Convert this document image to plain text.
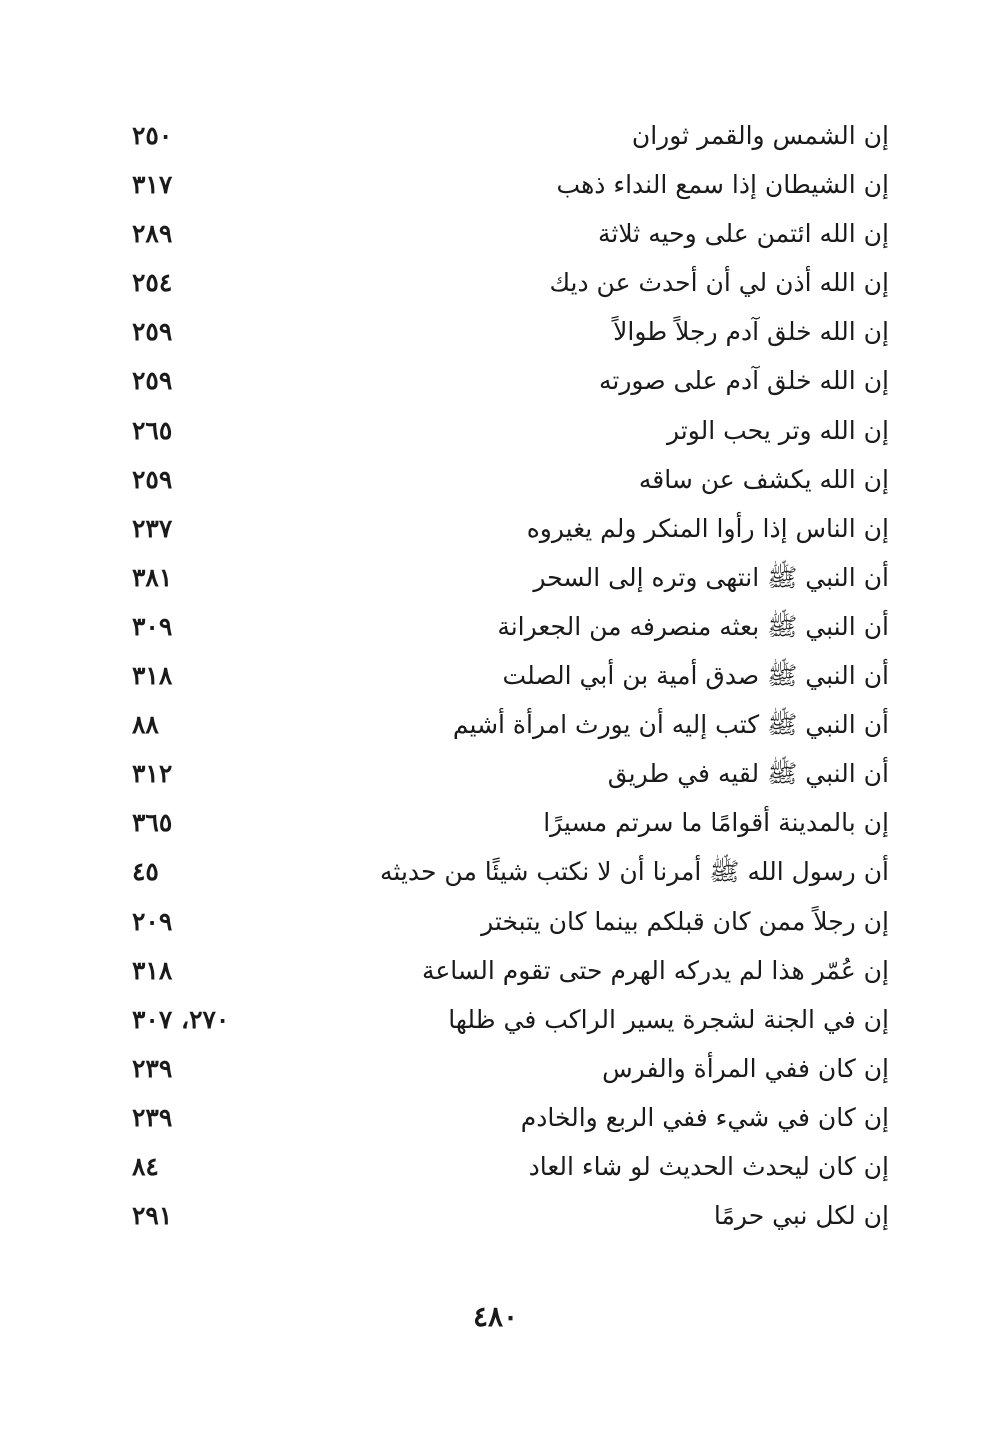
إن الشمس والقمر ثوران
٢٥٠
إن الشيطان إذا سمع النداء ذهب
٣١٧
إن الله ائتمن على وحيه ثلاثة
٢٨٩
إن الله أذن لي أن أحدث عن ديك
٢٥٤
إن الله خلق آدم رجلاً طوالاً
٢٥٩
إن الله خلق آدم على صورته
٢٥٩
إن الله وتر يحب الوتر
٢٦٥
إن الله يكشف عن ساقه
٢٥٩
إن الناس إذا رأوا المنكر ولم يغيروه
٢٣٧
أن النبي ﷺ انتهى وتره إلى السحر
٣٨١
أن النبي ﷺ بعثه منصرفه من الجعرانة
٣٠٩
أن النبي ﷺ صدق أمية بن أبي الصلت
٣١٨
أن النبي ﷺ كتب إليه أن يورث امرأة أشيم
٨٨
أن النبي ﷺ لقيه في طريق
٣١٢
إن بالمدينة أقوامًا ما سرتم مسيرًا
٣٦٥
أن رسول الله ﷺ أمرنا أن لا نكتب شيئًا من حديثه
٤٥
إن رجلاً ممن كان قبلكم بينما كان يتبختر
٢٠٩
إن عُمّر هذا لم يدركه الهرم حتى تقوم الساعة
٣١٨
إن في الجنة لشجرة يسير الراكب في ظلها
٢٧٠، ٣٠٧
إن كان ففي المرأة والفرس
٢٣٩
إن كان في شيء ففي الربع والخادم
٢٣٩
إن كان ليحدث الحديث لو شاء العاد
٨٤
إن لكل نبي حرمًا
٢٩١
٤٨٠
